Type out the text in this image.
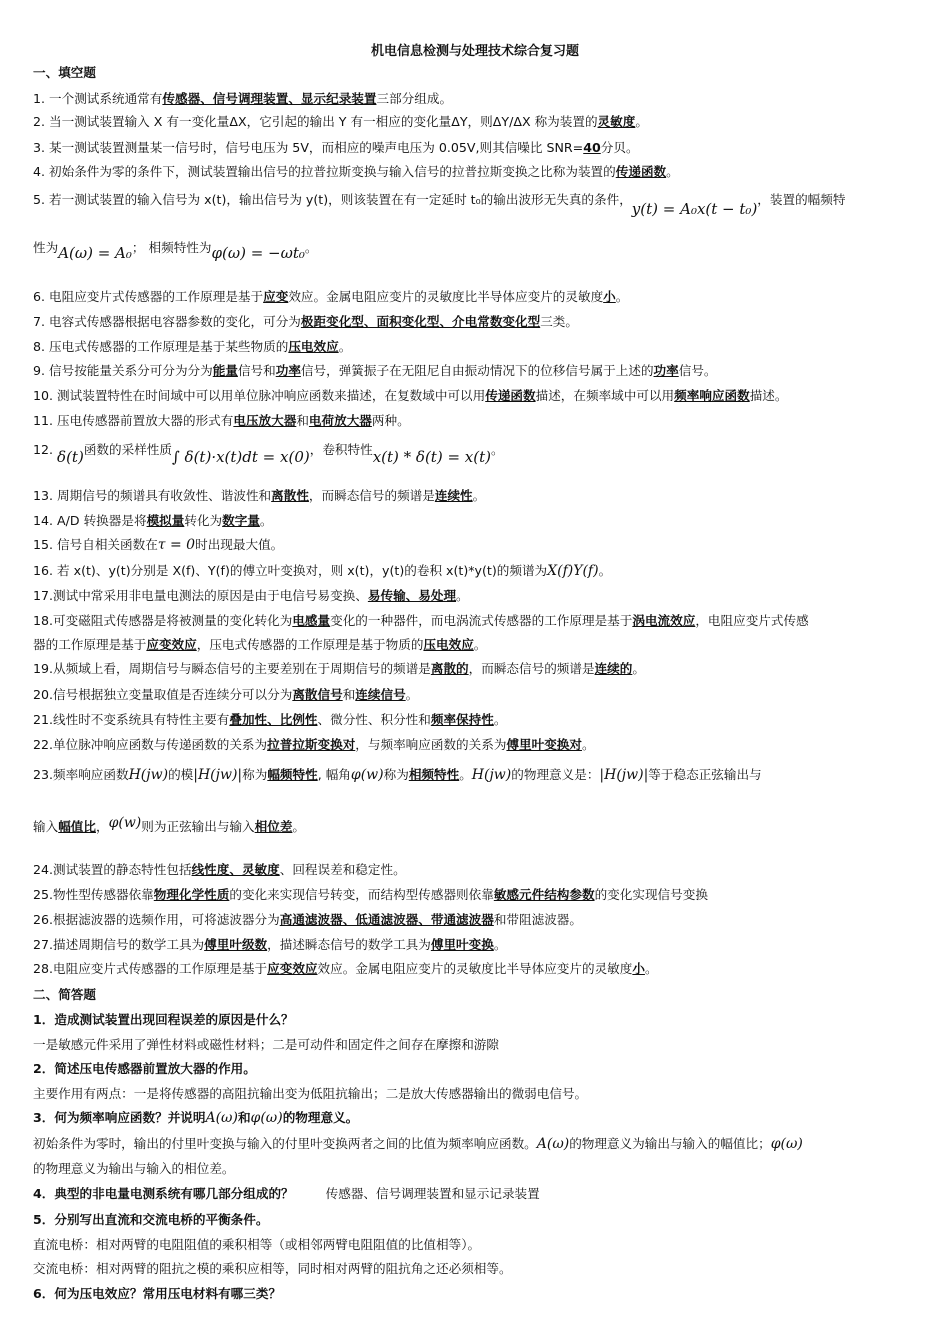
机电信息检测与处理技术综合复习题
一、填空题
1. 一个测试系统通常有传感器、信号调理装置、显示纪录装置三部分组成。
2. 当一测试装置输入 X 有一变化量ΔX，它引起的输出 Y 有一相应的变化量ΔY，则ΔY/ΔX 称为装置的灵敏度。
3. 某一测试装置测量某一信号时，信号电压为 5V，而相应的噪声电压为 0.05V,则其信噪比 SNR=40分贝。
4. 初始条件为零的条件下，测试装置输出信号的拉普拉斯变换与输入信号的拉普拉斯变换之比称为装置的传递函数。
5. 若一测试装置的输入信号为 x(t)，输出信号为 y(t)，则该装置在有一定延时 t₀的输出波形无失真的条件，y(t) = A₀x(t − t₀)，装置的幅频特
性为A(ω) = A₀； 相频特性为φ(ω) = −ωt₀。
6. 电阻应变片式传感器的工作原理是基于应变效应。金属电阻应变片的灵敏度比半导体应变片的灵敏度小。
7. 电容式传感器根据电容器参数的变化，可分为极距变化型、面积变化型、介电常数变化型三类。
8. 压电式传感器的工作原理是基于某些物质的压电效应。
9. 信号按能量关系分可分为分为能量信号和功率信号，弹簧振子在无阻尼自由振动情况下的位移信号属于上述的功率信号。
10. 测试装置特性在时间域中可以用单位脉冲响应函数来描述，在复数域中可以用传递函数描述，在频率域中可以用频率响应函数描述。
11. 压电传感器前置放大器的形式有电压放大器和电荷放大器两种。
12. δ(t)函数的采样性质∫ δ(t)·x(t)dt = x(0)，卷积特性x(t) * δ(t) = x(t)。
13. 周期信号的频谱具有收敛性、谐波性和离散性，而瞬态信号的频谱是连续性。
14. A/D 转换器是将模拟量转化为数字量。
15. 信号自相关函数在τ = 0时出现最大值。
16. 若 x(t)、y(t)分别是 X(f)、Y(f)的傅立叶变换对，则 x(t)，y(t)的卷积 x(t)*y(t)的频谱为X(f)Y(f)。
17.测试中常采用非电量电测法的原因是由于电信号易变换、易传输、易处理。
18.可变磁阻式传感器是将被测量的变化转化为电感量变化的一种器件，而电涡流式传感器的工作原理是基于涡电流效应，电阻应变片式传感
器的工作原理是基于应变效应，压电式传感器的工作原理是基于物质的压电效应。
19.从频域上看，周期信号与瞬态信号的主要差别在于周期信号的频谱是离散的，而瞬态信号的频谱是连续的。
20.信号根据独立变量取值是否连续分可以分为离散信号和连续信号。
21.线性时不变系统具有特性主要有叠加性、比例性、微分性、积分性和频率保持性。
22.单位脉冲响应函数与传递函数的关系为拉普拉斯变换对，与频率响应函数的关系为傅里叶变换对。
23.频率响应函数H(jw)的模|H(jw)|称为幅频特性, 幅角φ(w)称为相频特性。H(jw)的物理意义是：|H(jw)|等于稳态正弦输出与
输入幅值比，φ(w)则为正弦输出与输入相位差。
24.测试装置的静态特性包括线性度、灵敏度、回程误差和稳定性。
25.物性型传感器依靠物理化学性质的变化来实现信号转变，而结构型传感器则依靠敏感元件结构参数的变化实现信号变换
26.根据滤波器的选频作用，可将滤波器分为高通滤波器、低通滤波器、带通滤波器和带阻滤波器。
27.描述周期信号的数学工具为傅里叶级数，描述瞬态信号的数学工具为傅里叶变换。
28.电阻应变片式传感器的工作原理是基于应变效应效应。金属电阻应变片的灵敏度比半导体应变片的灵敏度小。
二、简答题
1．造成测试装置出现回程误差的原因是什么？
一是敏感元件采用了弹性材料或磁性材料；二是可动件和固定件之间存在摩擦和游隙
2．简述压电传感器前置放大器的作用。
主要作用有两点：一是将传感器的高阻抗输出变为低阻抗输出；二是放大传感器输出的微弱电信号。
3．何为频率响应函数？并说明A(ω)和φ(ω)的物理意义。
初始条件为零时，输出的付里叶变换与输入的付里叶变换两者之间的比值为频率响应函数。A(ω)的物理意义为输出与输入的幅值比；φ(ω)
的物理意义为输出与输入的相位差。
4．典型的非电量电测系统有哪几部分组成的？	传感器、信号调理装置和显示记录装置
5．分别写出直流和交流电桥的平衡条件。
直流电桥：相对两臂的电阻阻值的乘积相等（或相邻两臂电阻阻值的比值相等）。
交流电桥：相对两臂的阻抗之模的乘积应相等，同时相对两臂的阻抗角之还必须相等。
6．何为压电效应？常用压电材料有哪三类？
